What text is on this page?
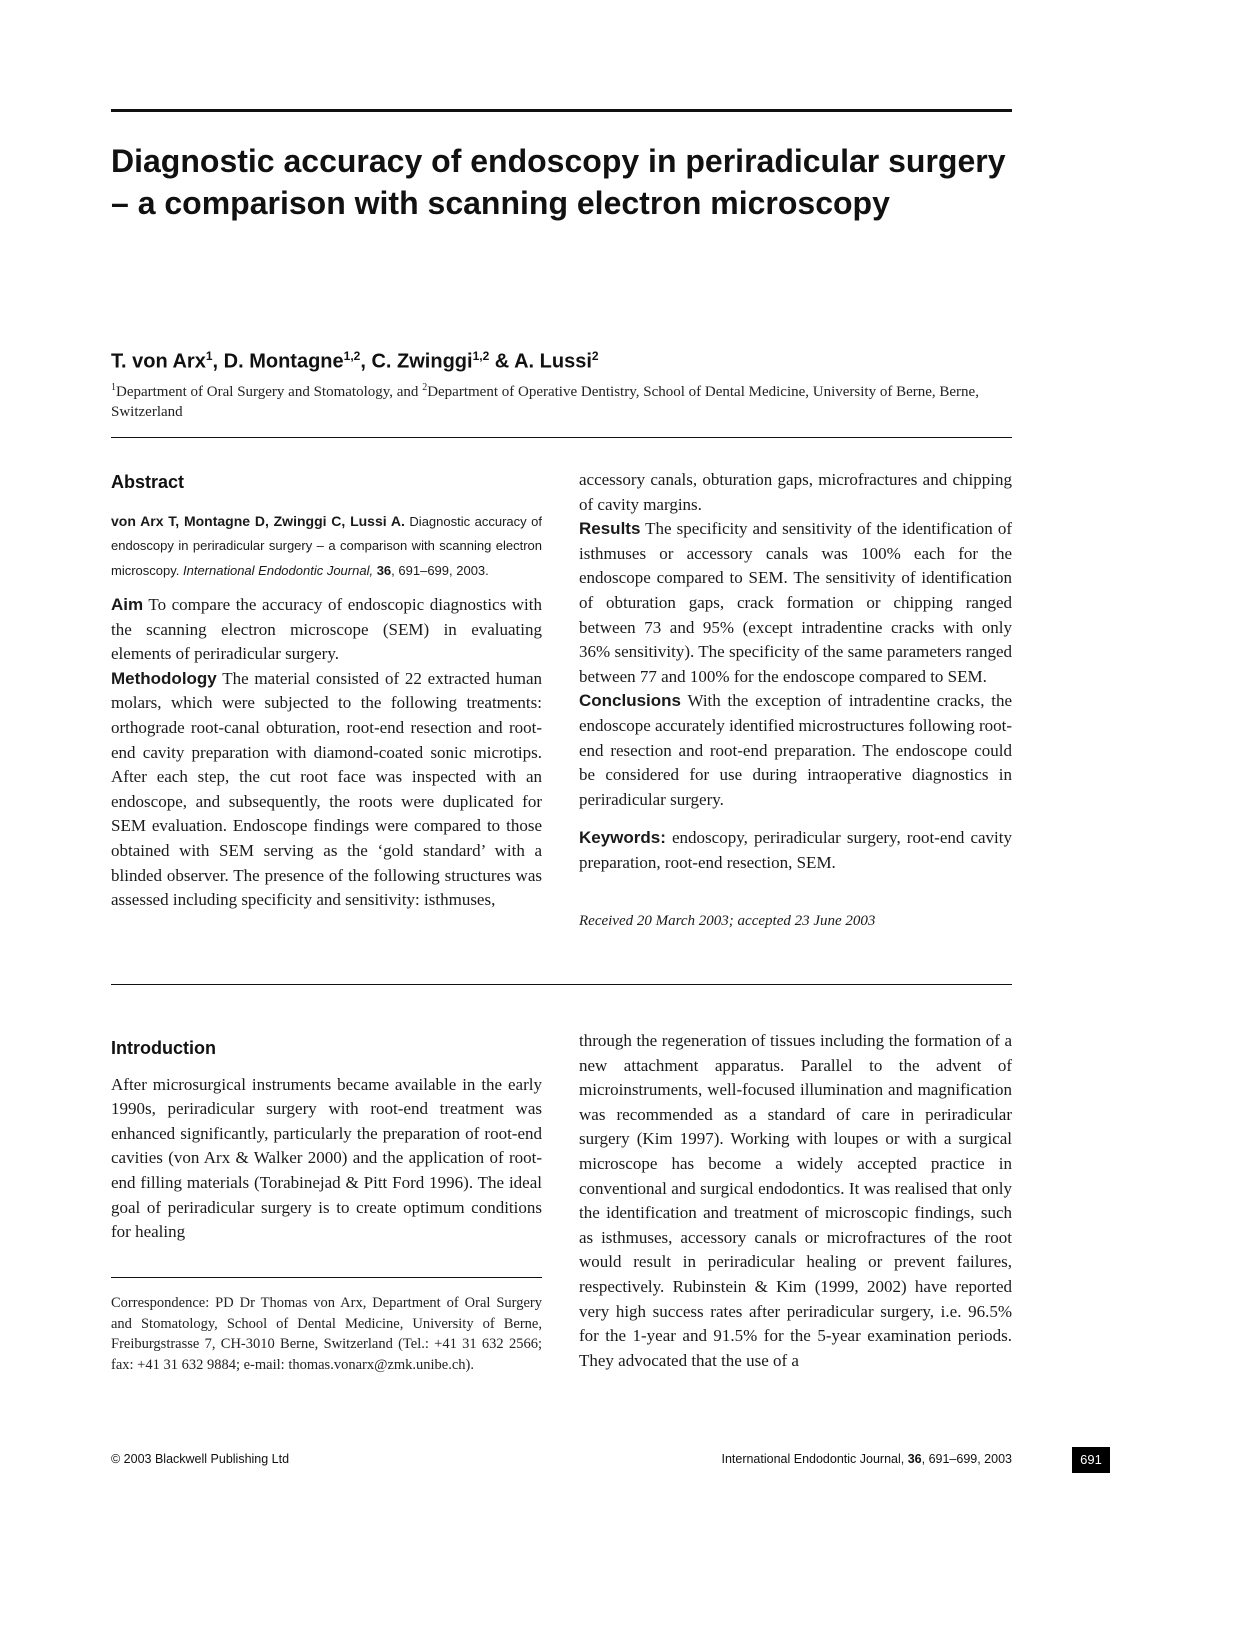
Diagnostic accuracy of endoscopy in periradicular surgery – a comparison with scanning electron microscopy
T. von Arx$^1$, D. Montagne$^{1,2}$, C. Zwinggi$^{1,2}$ & A. Lussi$^2$
$^1$Department of Oral Surgery and Stomatology, and $^2$Department of Operative Dentistry, School of Dental Medicine, University of Berne, Berne, Switzerland

Abstract

von Arx T, Montagne D, Zwinggi C, Lussi A. Diagnostic accuracy of endoscopy in periradicular surgery – a comparison with scanning electron microscopy. International Endodontic Journal, 36, 691–699, 2003.

Aim To compare the accuracy of endoscopic diagnostics with the scanning electron microscope (SEM) in evaluating elements of periradicular surgery.

Methodology The material consisted of 22 extracted human molars, which were subjected to the following treatments: orthograde root-canal obturation, root-end resection and root-end cavity preparation with diamond-coated sonic microtips. After each step, the cut root face was inspected with an endoscope, and subsequently, the roots were duplicated for SEM evaluation. Endoscope findings were compared to those obtained with SEM serving as the ‘gold standard’ with a blinded observer. The presence of the following structures was assessed including specificity and sensitivity: isthmuses,

accessory canals, obturation gaps, microfractures and chipping of cavity margins.

Results The specificity and sensitivity of the identification of isthmuses or accessory canals was 100% each for the endoscope compared to SEM. The sensitivity of identification of obturation gaps, crack formation or chipping ranged between 73 and 95% (except intradentine cracks with only 36% sensitivity). The specificity of the same parameters ranged between 77 and 100% for the endoscope compared to SEM.

Conclusions With the exception of intradentine cracks, the endoscope accurately identified microstructures following root-end resection and root-end preparation. The endoscope could be considered for use during intraoperative diagnostics in periradicular surgery.

Keywords: endoscopy, periradicular surgery, root-end cavity preparation, root-end resection, SEM.

Received 20 March 2003; accepted 23 June 2003

Introduction

After microsurgical instruments became available in the early 1990s, periradicular surgery with root-end treatment was enhanced significantly, particularly the preparation of root-end cavities (von Arx & Walker 2000) and the application of root-end filling materials (Torabinejad & Pitt Ford 1996). The ideal goal of periradicular surgery is to create optimum conditions for healing

Correspondence: PD Dr Thomas von Arx, Department of Oral Surgery and Stomatology, School of Dental Medicine, University of Berne, Freiburgstrasse 7, CH-3010 Berne, Switzerland (Tel.: +41 31 632 2566; fax: +41 31 632 9884; e-mail: thomas.vonarx@zmk.unibe.ch).

through the regeneration of tissues including the formation of a new attachment apparatus. Parallel to the advent of microinstruments, well-focused illumination and magnification was recommended as a standard of care in periradicular surgery (Kim 1997). Working with loupes or with a surgical microscope has become a widely accepted practice in conventional and surgical endodontics. It was realised that only the identification and treatment of microscopic findings, such as isthmuses, accessory canals or microfractures of the root would result in periradicular healing or prevent failures, respectively. Rubinstein & Kim (1999, 2002) have reported very high success rates after periradicular surgery, i.e. 96.5% for the 1-year and 91.5% for the 5-year examination periods. They advocated that the use of a

© 2003 Blackwell Publishing Ltd	International Endodontic Journal, 36, 691–699, 2003	691
